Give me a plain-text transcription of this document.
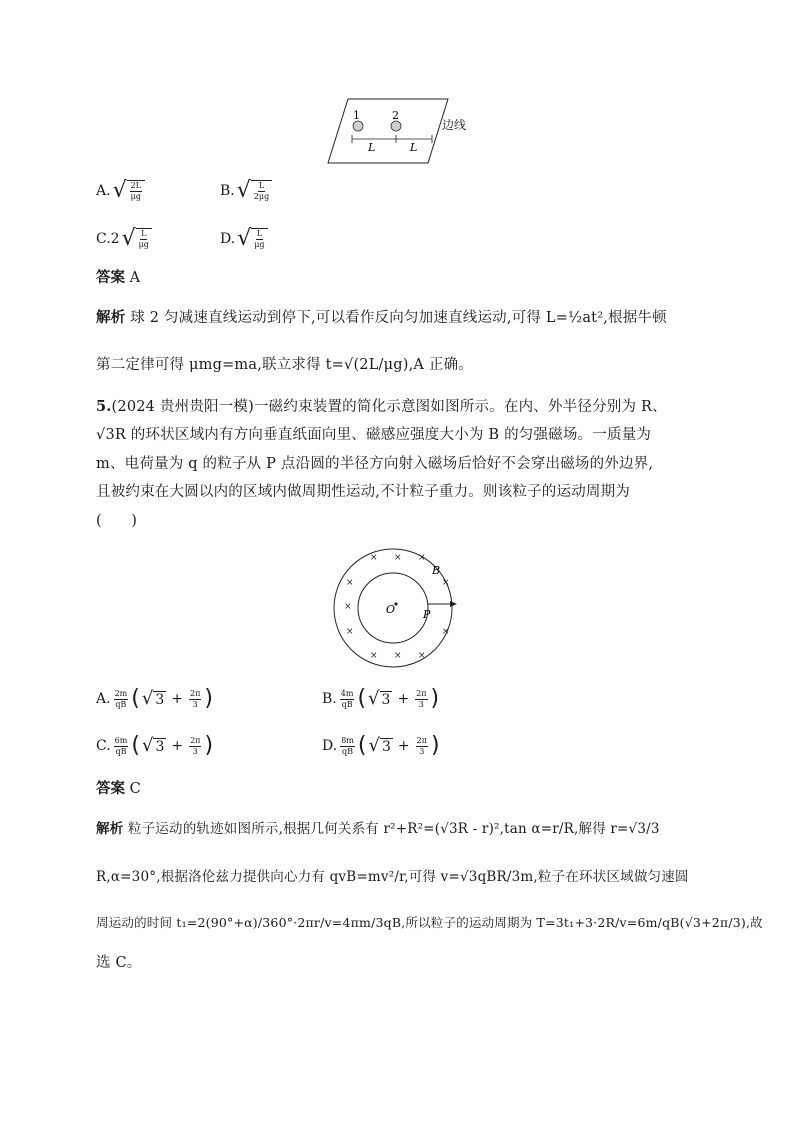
1	2
L	L
边线
A. √ $\frac{2L}{\mu g}$	B. √ $\frac{L}{2\mu g}$
C.2 √ $\frac{L}{\mu g}$	D. √ $\frac{L}{\mu g}$
答案 A
解析 球 2 匀减速直线运动到停下,可以看作反向匀加速直线运动,可得 L=½at²,根据牛顿
第二定律可得 μmg=ma,联立求得 t=√(2L/μg),A 正确。
5.(2024 贵州贵阳一模)一磁约束装置的简化示意图如图所示。在内、外半径分别为 R、
√3R 的环状区域内有方向垂直纸面向里、磁感应强度大小为 B 的匀强磁场。一质量为
m、电荷量为 q 的粒子从 P 点沿圆的半径方向射入磁场后恰好不会穿出磁场的外边界,
且被约束在大圆以内的区域内做周期性运动,不计粒子重力。则该粒子的运动周期为
(　　)
O
B
P
× × ×
×	×
×
×	×
× × ×
A. $\frac{2m}{qB}$ ( √ $3 + \frac{2\pi}{3}$ )	B. $\frac{4m}{qB}$ ( √ $3 + \frac{2\pi}{3}$ )
C. $\frac{6m}{qB}$ ( √ $3 + \frac{2\pi}{3}$ )	D. $\frac{8m}{qB}$ ( √ $3 + \frac{2\pi}{3}$ )
答案 C
解析 粒子运动的轨迹如图所示,根据几何关系有 r²+R²=(√3R - r)²,tan α=r/R,解得 r=√3/3
R,α=30°,根据洛伦兹力提供向心力有 qvB=mv²/r,可得 v=√3qBR/3m,粒子在环状区域做匀速圆
周运动的时间 t₁=2(90°+α)/360°·2πr/v=4πm/3qB,所以粒子的运动周期为 T=3t₁+3·2R/v=6m/qB(√3+2π/3),故
选 C。
